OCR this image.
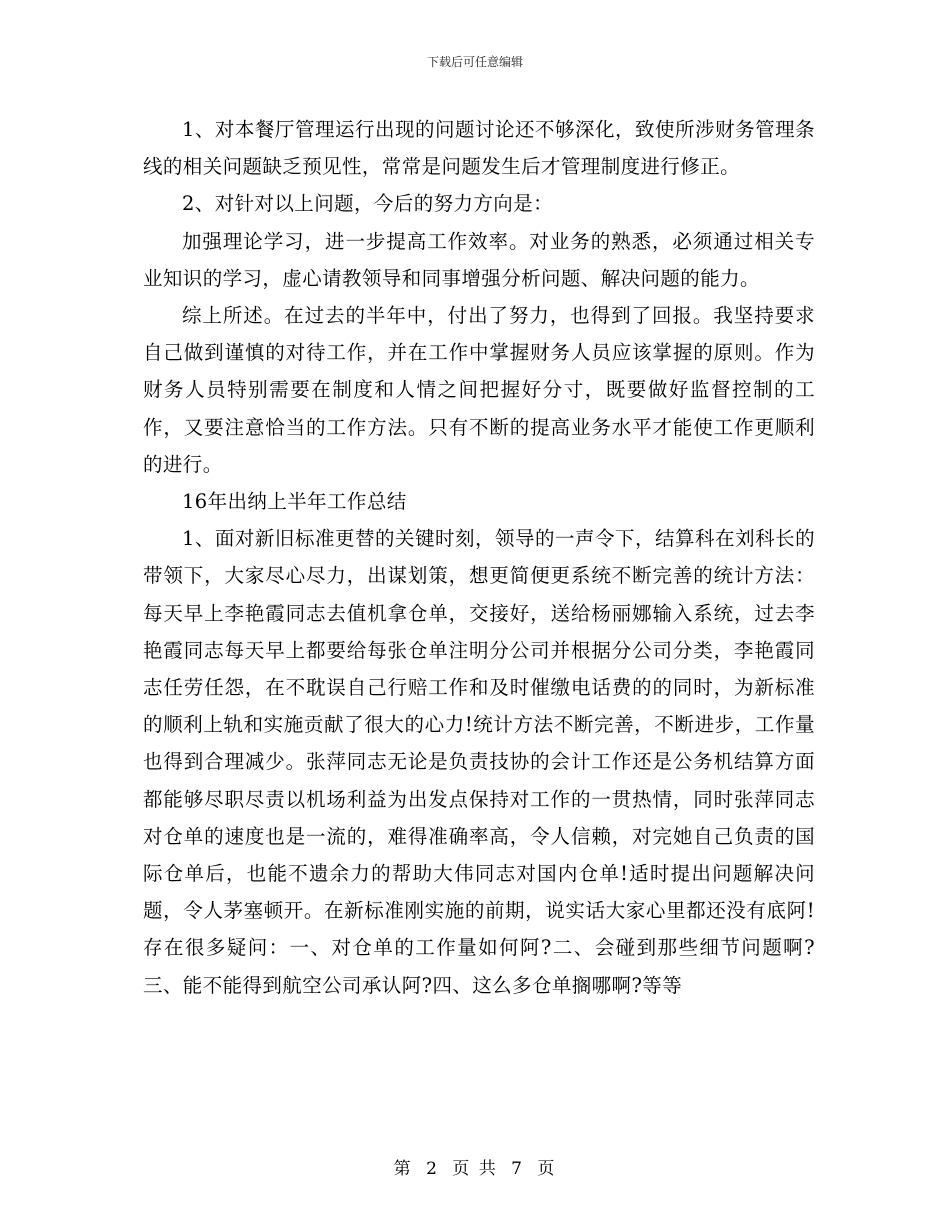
下载后可任意编辑

1、对本餐厅管理运行出现的问题讨论还不够深化，致使所涉财务管理条线的相关问题缺乏预见性，常常是问题发生后才管理制度进行修正。

2、对针对以上问题，今后的努力方向是：

加强理论学习，进一步提高工作效率。对业务的熟悉，必须通过相关专业知识的学习，虚心请教领导和同事增强分析问题、解决问题的能力。

综上所述。在过去的半年中，付出了努力，也得到了回报。我坚持要求自己做到谨慎的对待工作，并在工作中掌握财务人员应该掌握的原则。作为财务人员特别需要在制度和人情之间把握好分寸，既要做好监督控制的工作，又要注意恰当的工作方法。只有不断的提高业务水平才能使工作更顺利的进行。

16年出纳上半年工作总结

1、面对新旧标准更替的关键时刻，领导的一声令下，结算科在刘科长的带领下，大家尽心尽力，出谋划策，想更简便更系统不断完善的统计方法：每天早上李艳霞同志去值机拿仓单，交接好，送给杨丽娜输入系统，过去李艳霞同志每天早上都要给每张仓单注明分公司并根据分公司分类，李艳霞同志任劳任怨，在不耽误自己行赔工作和及时催缴电话费的的同时，为新标准的顺利上轨和实施贡献了很大的心力!统计方法不断完善，不断进步，工作量也得到合理减少。张萍同志无论是负责技协的会计工作还是公务机结算方面都能够尽职尽责以机场利益为出发点保持对工作的一贯热情，同时张萍同志对仓单的速度也是一流的，难得准确率高，令人信赖，对完她自己负责的国际仓单后，也能不遗余力的帮助大伟同志对国内仓单!适时提出问题解决问题，令人茅塞顿开。在新标准刚实施的前期，说实话大家心里都还没有底阿!存在很多疑问：一、对仓单的工作量如何阿?二、会碰到那些细节问题啊?三、能不能得到航空公司承认阿?四、这么多仓单搁哪啊?等等

第 2 页 共 7 页
